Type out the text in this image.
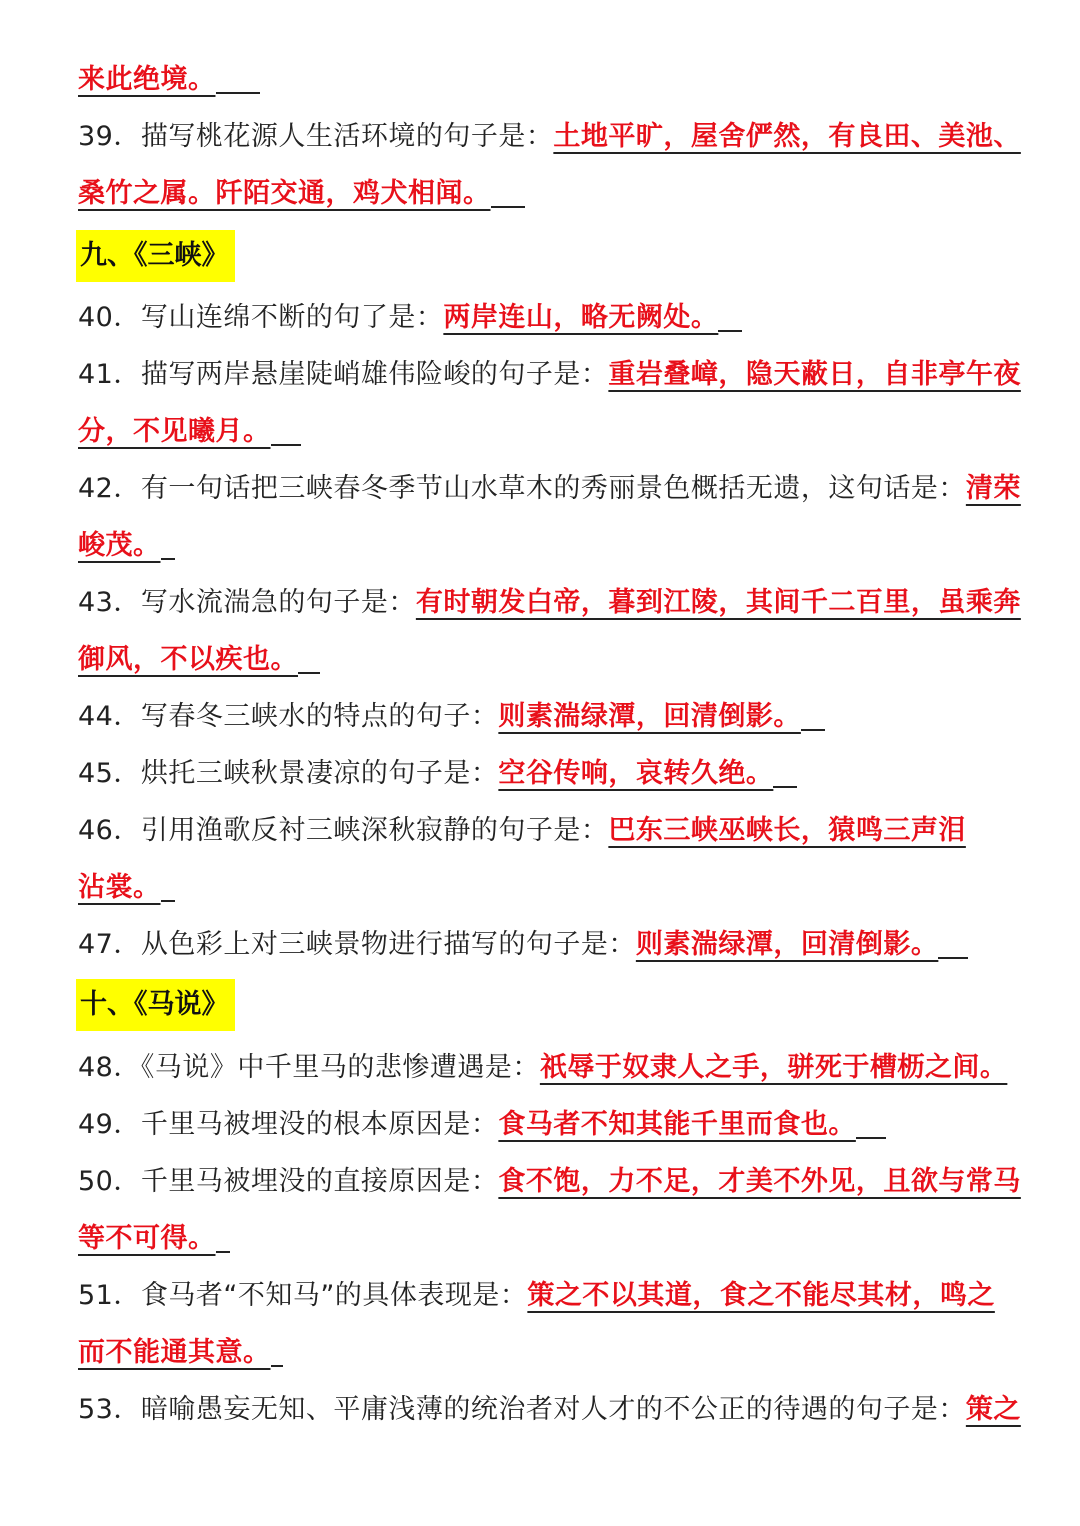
来此绝境。
39．描写桃花源人生活环境的句子是：土地平旷，屋舍俨然，有良田、美池、
桑竹之属。阡陌交通，鸡犬相闻。
九、《三峡》
40．写山连绵不断的句了是：两岸连山，略无阙处。
41．描写两岸悬崖陡峭雄伟险峻的句子是：重岩叠嶂，隐天蔽日，自非亭午夜
分，不见曦月。
42．有一句话把三峡春冬季节山水草木的秀丽景色概括无遗，这句话是：清荣
峻茂。
43．写水流湍急的句子是：有时朝发白帝，暮到江陵，其间千二百里，虽乘奔
御风，不以疾也。
44．写春冬三峡水的特点的句子：则素湍绿潭，回清倒影。
45．烘托三峡秋景凄凉的句子是：空谷传响，哀转久绝。
46．引用渔歌反衬三峡深秋寂静的句子是：巴东三峡巫峡长，猿鸣三声泪
沾裳。
47．从色彩上对三峡景物进行描写的句子是：则素湍绿潭，回清倒影。
十、《马说》
48．《马说》中千里马的悲惨遭遇是：祇辱于奴隶人之手，骈死于槽枥之间。
49．千里马被埋没的根本原因是：食马者不知其能千里而食也。
50．千里马被埋没的直接原因是：食不饱，力不足，才美不外见，且欲与常马
等不可得。
51．食马者“不知马”的具体表现是：策之不以其道，食之不能尽其材，鸣之
而不能通其意。
53．暗喻愚妄无知、平庸浅薄的统治者对人才的不公正的待遇的句子是：策之
